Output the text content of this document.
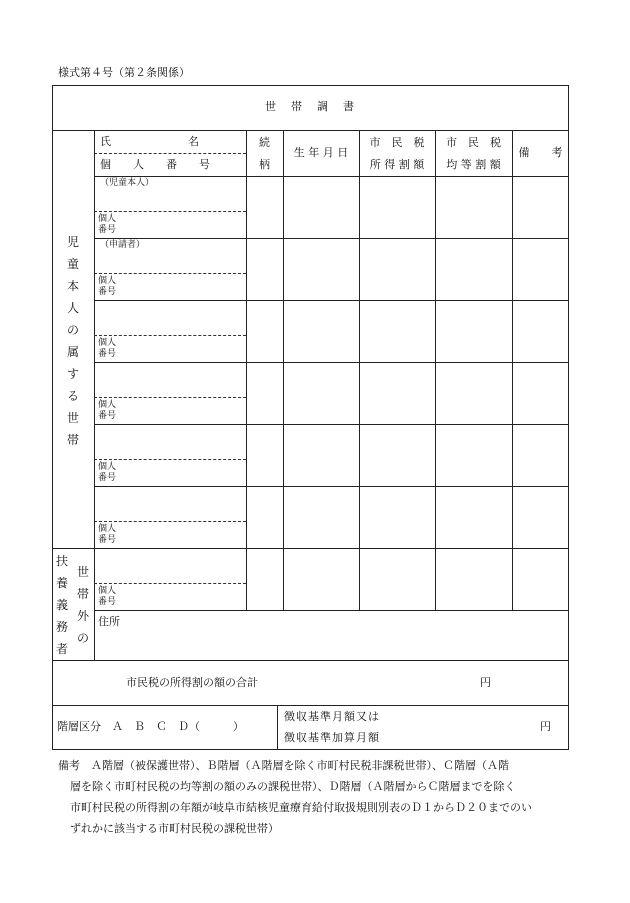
様式第４号（第２条関係）
世　帯　調　書
氏　　　　　　　名
個　　人　　番　　号
続
柄
生 年 月 日
市　民　税
所 得 割 額
市　民　税
均 等 割 額
備　　考
児
童
本
人
の
属
す
る
世
帯
（児童本人）
個人
番号
（申請者）
個人
番号
個人
番号
個人
番号
個人
番号
個人
番号
扶
養
義
務
者
世
帯
外
の
個人
番号
住所
市民税の所得割の額の合計	円
階層区分　Ａ　Ｂ　Ｃ　Ｄ（　　　）
徴収基準月額又は
徴収基準加算月額
円
備考　Ａ階層（被保護世帯）、Ｂ階層（Ａ階層を除く市町村民税非課税世帯）、Ｃ階層（Ａ階
層を除く市町村民税の均等割の額のみの課税世帯）、Ｄ階層（Ａ階層からＣ階層までを除く
市町村民税の所得割の年額が岐阜市結核児童療育給付取扱規則別表のＤ１からＤ２０までのい
ずれかに該当する市町村民税の課税世帯）
